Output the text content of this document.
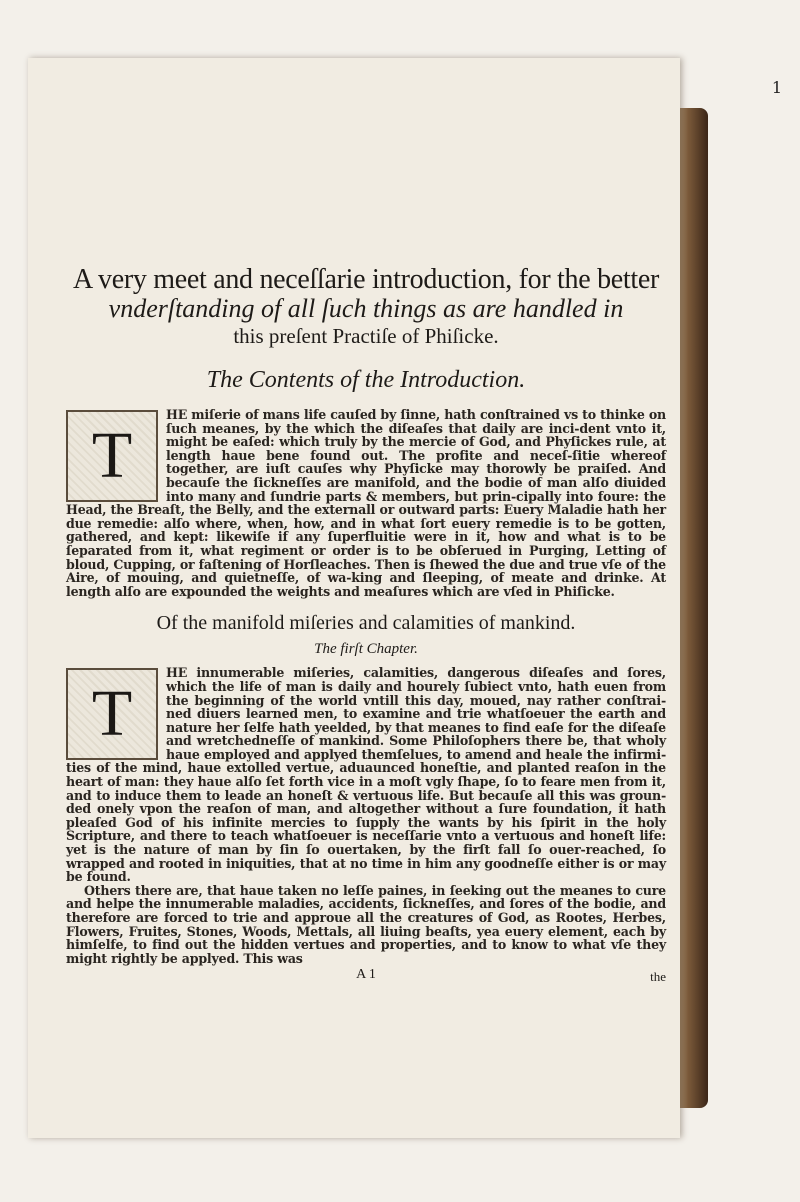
1

A very meet and neceſſarie introduction, for the better

vnderſtanding of all ſuch things as are handled in

this preſent Practiſe of Phiſicke.

The Contents of the Introduction.

T

HE miſerie of mans life cauſed by ſinne, hath conſtrained vs to thinke on ſuch meanes, by the which the diſeaſes that daily are inci-dent vnto it, might be eaſed: which truly by the mercie of God, and Phyſickes rule, at length haue bene found out. The profite and neceſ-ſitie whereof together, are iuſt cauſes why Phyſicke may thorowly be praiſed. And becauſe the ſickneſſes are manifold, and the bodie of man alſo diuided into many and ſundrie parts & members, but prin-cipally into foure: the Head, the Breaſt, the Belly, and the externall or outward parts: Euery Maladie hath her due remedie: alſo where, when, how, and in what ſort euery remedie is to be gotten, gathered, and kept: likewiſe if any ſuperfluitie were in it, how and what is to be ſeparated from it, what regiment or order is to be obſerued in Purging, Letting of bloud, Cupping, or faſtening of Horſleaches. Then is ſhewed the due and true vſe of the Aire, of mouing, and quietneſſe, of wa-king and ſleeping, of meate and drinke. At length alſo are expounded the weights and meaſures which are vſed in Phiſicke.

Of the manifold miſeries and calamities of mankind.

The firſt Chapter.

T

HE innumerable miſeries, calamities, dangerous diſeaſes and ſores, which the life of man is daily and hourely ſubiect vnto, hath euen from the beginning of the world vntill this day, moued, nay rather conſtrai-ned diuers learned men, to examine and trie whatſoeuer the earth and nature her ſelfe hath yeelded, by that meanes to find eaſe for the diſeaſe and wretchedneſſe of mankind. Some Philoſophers there be, that wholy haue employed and applyed themſelues, to amend and heale the infirmi-ties of the mind, haue extolled vertue, aduaunced honeſtie, and planted reaſon in the heart of man: they haue alſo ſet forth vice in a moſt vgly ſhape, ſo to feare men from it, and to induce them to leade an honeſt & vertuous life. But becauſe all this was groun-ded onely vpon the reaſon of man, and altogether without a ſure foundation, it hath pleaſed God of his infinite mercies to ſupply the wants by his ſpirit in the holy Scripture, and there to teach whatſoeuer is neceſſarie vnto a vertuous and honeſt life: yet is the nature of man by ſin ſo ouertaken, by the firſt fall ſo ouer-reached, ſo wrapped and rooted in iniquities, that at no time in him any goodneſſe either is or may be found.

Others there are, that haue taken no leſſe paines, in ſeeking out the meanes to cure and helpe the innumerable maladies, accidents, ſickneſſes, and ſores of the bodie, and therefore are forced to trie and approue all the creatures of God, as Rootes, Herbes, Flowers, Fruites, Stones, Woods, Mettals, all liuing beaſts, yea euery element, each by himſelfe, to find out the hidden vertues and properties, and to know to what vſe they might rightly be applyed. This was

A 1	the
